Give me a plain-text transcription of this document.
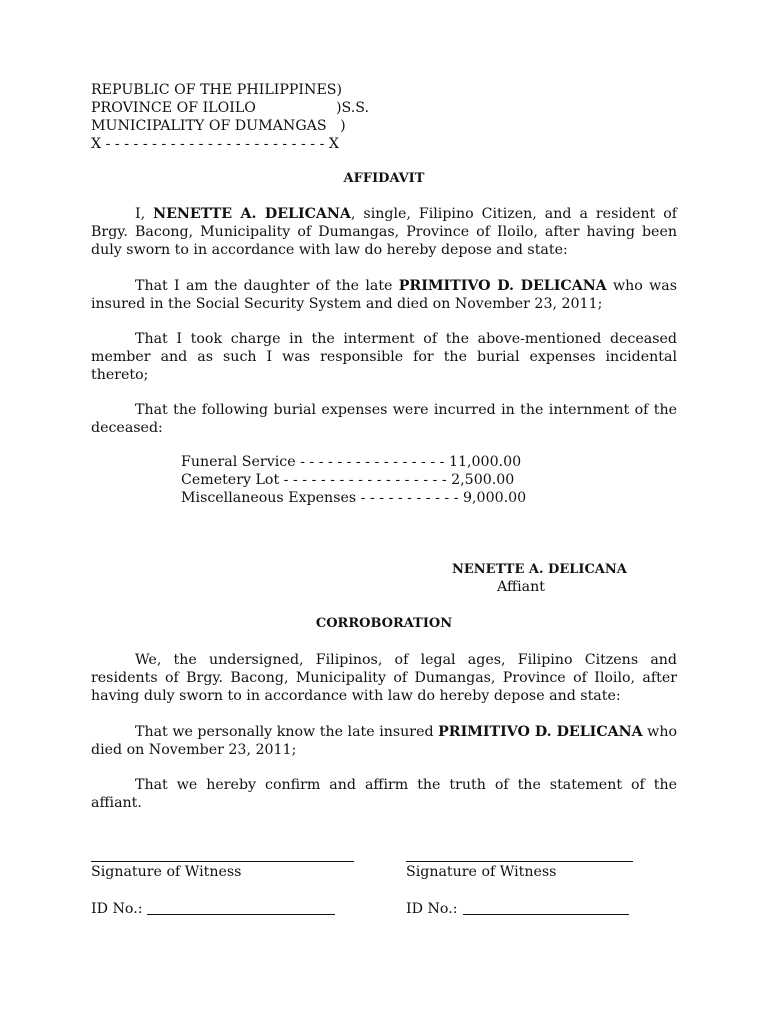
REPUBLIC OF THE PHILIPPINES)
PROVINCE OF ILOILO	)S.S.
MUNICIPALITY OF DUMANGAS   )
X - - - - - - - - - - - - - - - - - - - - - - - - X
AFFIDAVIT
I, NENETTE A. DELICANA, single, Filipino Citizen, and a resident of Brgy. Bacong, Municipality of Dumangas, Province of Iloilo, after having been duly sworn to in accordance with law do hereby depose and state:
That I am the daughter of the late PRIMITIVO D. DELICANA who was insured in the Social Security System and died on November 23, 2011;
That I took charge in the interment of the above-mentioned deceased member and as such I was responsible for the burial expenses incidental thereto;
That the following burial expenses were incurred in the internment of the deceased:
Funeral Service - - - - - - - - - - - - - - - - 11,000.00
Cemetery Lot - - - - - - - - - - - - - - - - - - 2,500.00
Miscellaneous Expenses - - - - - - - - - - - 9,000.00
NENETTE A. DELICANA
Affiant
CORROBORATION
We, the undersigned, Filipinos, of legal ages, Filipino Citzens and residents of Brgy. Bacong, Municipality of Dumangas, Province of Iloilo, after having duly sworn to in accordance with law do hereby depose and state:
That we personally know the late insured PRIMITIVO D. DELICANA who died on November 23, 2011;
That we hereby confirm and affirm the truth of the statement of the affiant.
Signature of Witness	Signature of Witness
ID No.:	ID No.:
